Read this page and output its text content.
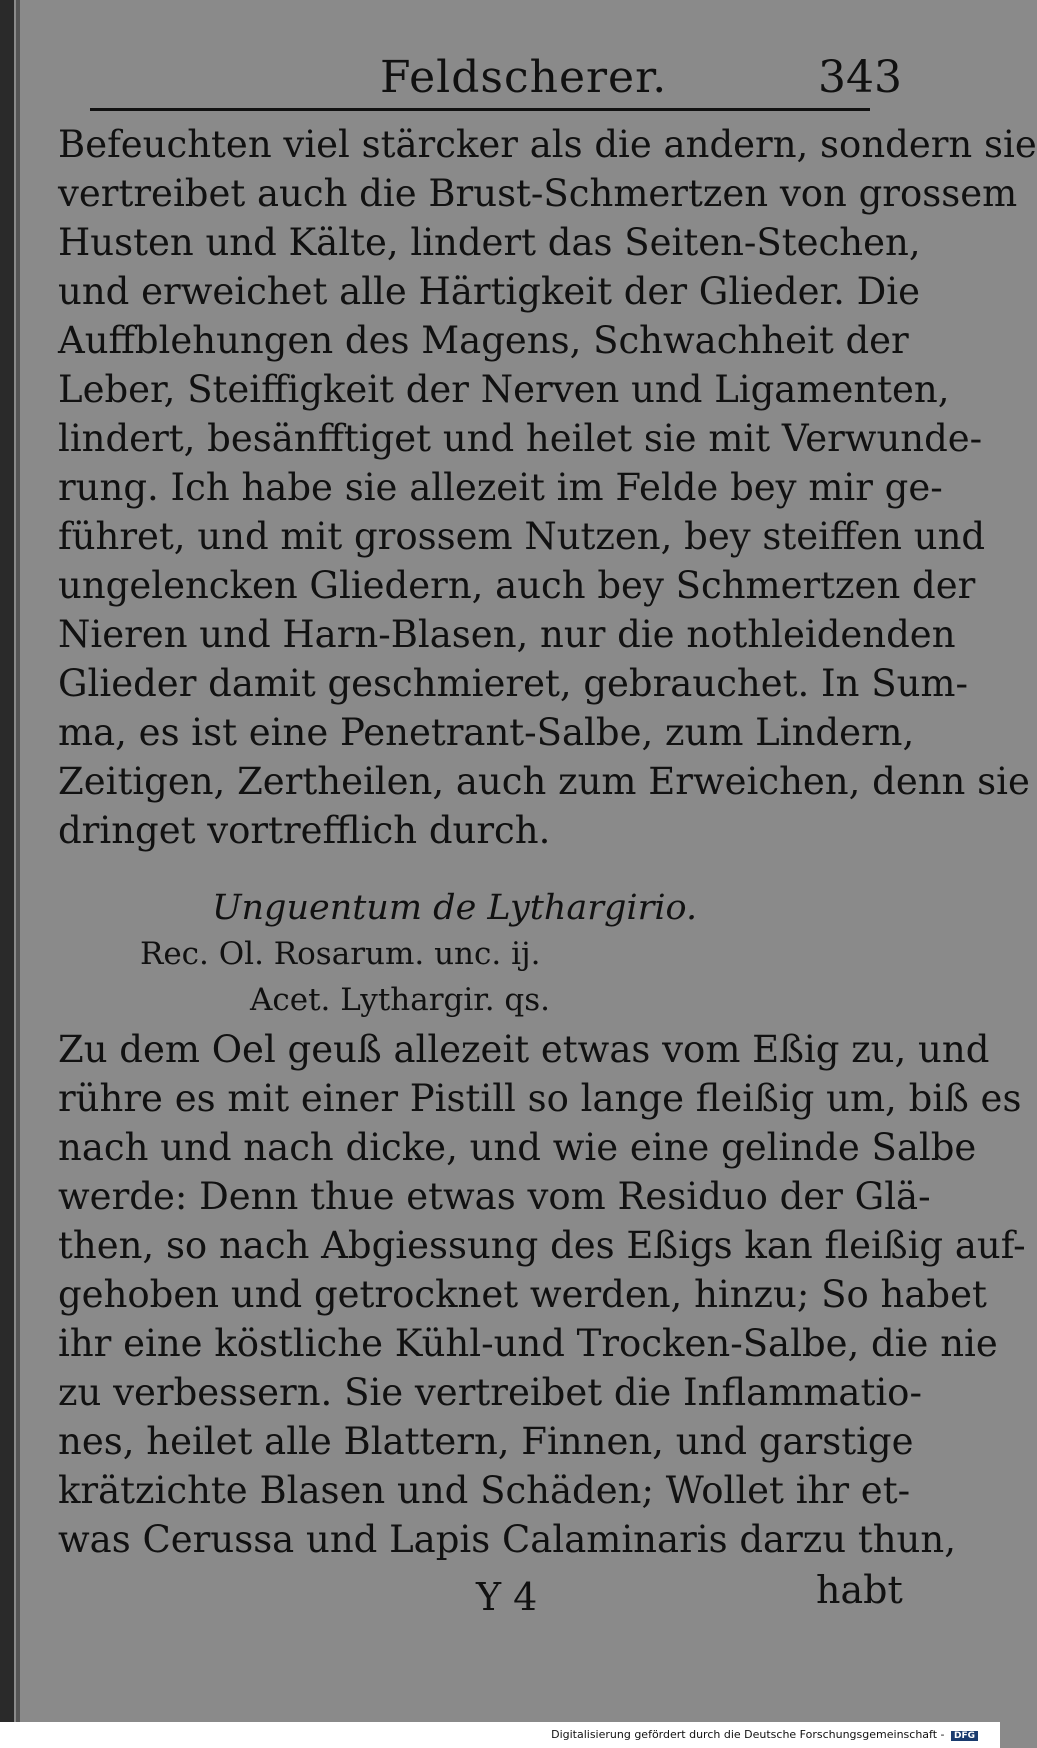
Feldscherer.	343
Befeuchten viel stärcker als die andern, sondern sie
vertreibet auch die Brust-Schmertzen von grossem
Husten und Kälte, lindert das Seiten-Stechen,
und erweichet alle Härtigkeit der Glieder. Die
Auffblehungen des Magens, Schwachheit der
Leber, Steiffigkeit der Nerven und Ligamenten,
lindert, besänfftiget und heilet sie mit Verwunde-
rung. Ich habe sie allezeit im Felde bey mir ge-
führet, und mit grossem Nutzen, bey steiffen und
ungelencken Gliedern, auch bey Schmertzen der
Nieren und Harn-Blasen, nur die nothleidenden
Glieder damit geschmieret, gebrauchet. In Sum-
ma, es ist eine Penetrant-Salbe, zum Lindern,
Zeitigen, Zertheilen, auch zum Erweichen, denn sie
dringet vortrefflich durch.
Unguentum de Lythargirio.
Rec. Ol. Rosarum. unc. ij.
Acet. Lythargir. qs.
Zu dem Oel geuß allezeit etwas vom Eßig zu, und
rühre es mit einer Pistill so lange fleißig um, biß es
nach und nach dicke, und wie eine gelinde Salbe
werde: Denn thue etwas vom Residuo der Glä-
then, so nach Abgiessung des Eßigs kan fleißig auf-
gehoben und getrocknet werden, hinzu; So habet
ihr eine köstliche Kühl-und Trocken-Salbe, die nie
zu verbessern. Sie vertreibet die Inflammatio-
nes, heilet alle Blattern, Finnen, und garstige
krätzichte Blasen und Schäden; Wollet ihr et-
was Cerussa und Lapis Calaminaris darzu thun,
Y 4	habt
Digitalisierung gefördert durch die Deutsche Forschungsgemeinschaft - DFG
